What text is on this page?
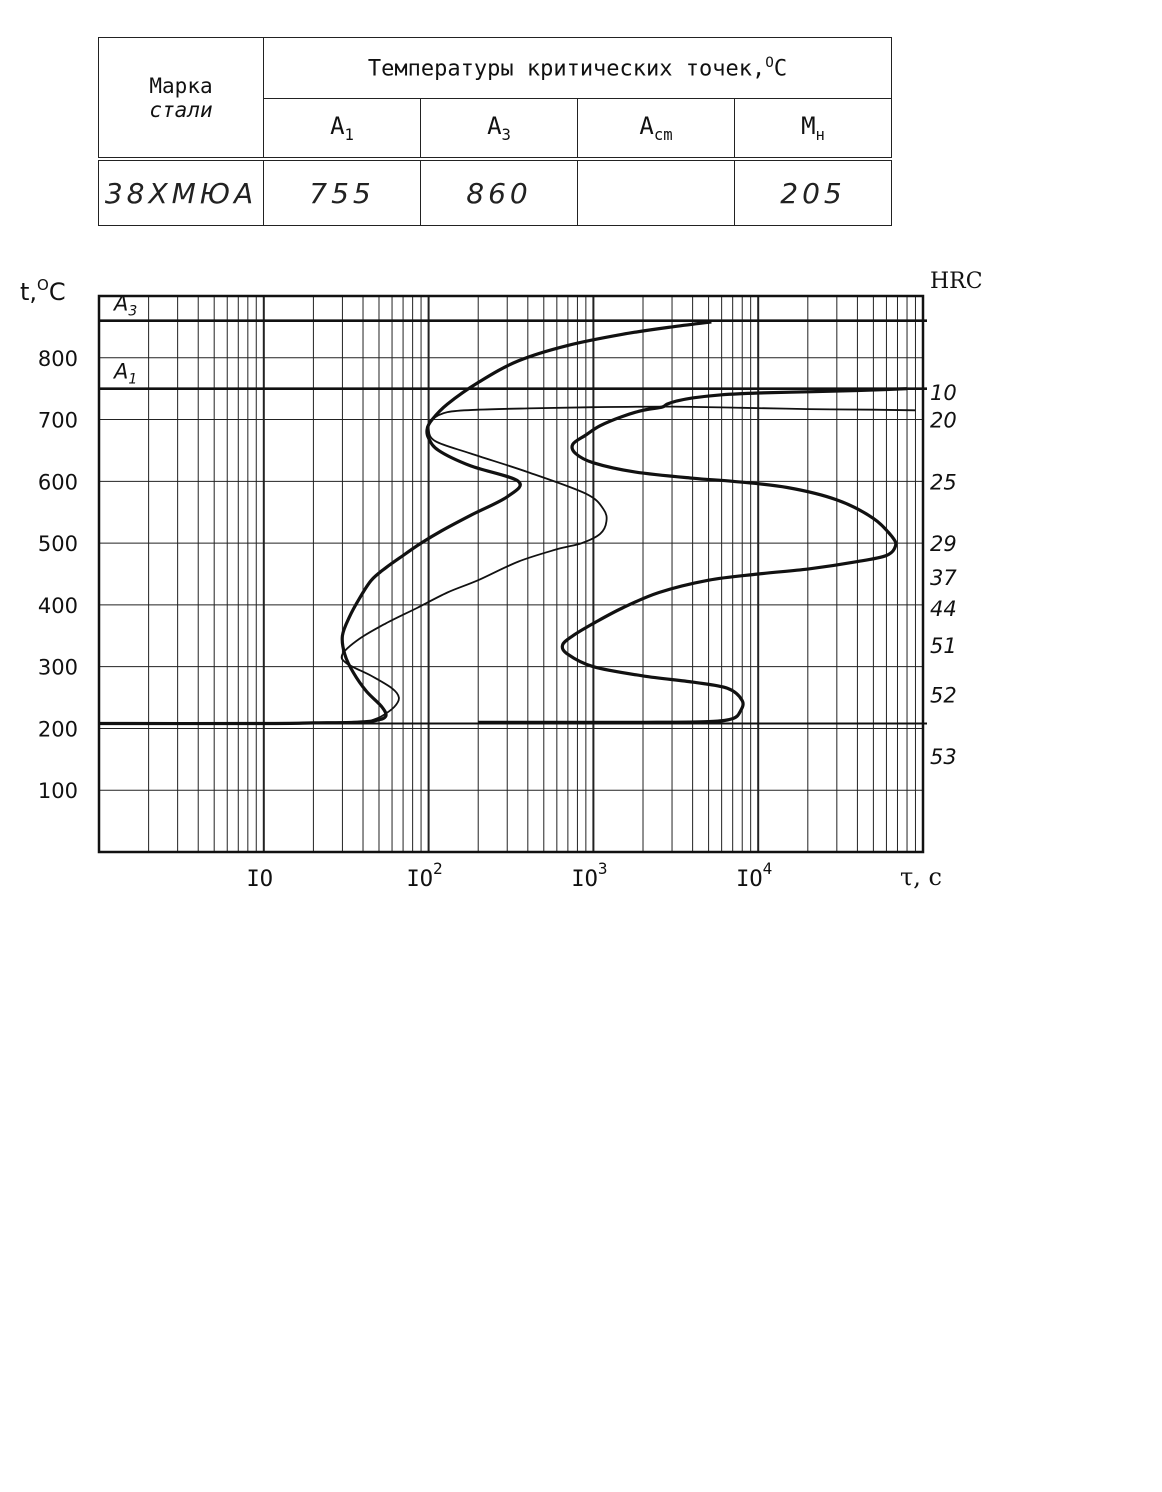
Марка
стали	Температуры критических точек,$^O$C			
	$A_1$	$A_3$	$A_{cm}$	$M_н$
38ХМЮА	755	860		205
$A_3$
$A_1$
t,$^O$C	HRC
τ, с
100
200
300
400
500
600
700
800
IO	$IO^2$	$IO^3$	$IO^4$
10
20
25
29
37
44
51
52
53
